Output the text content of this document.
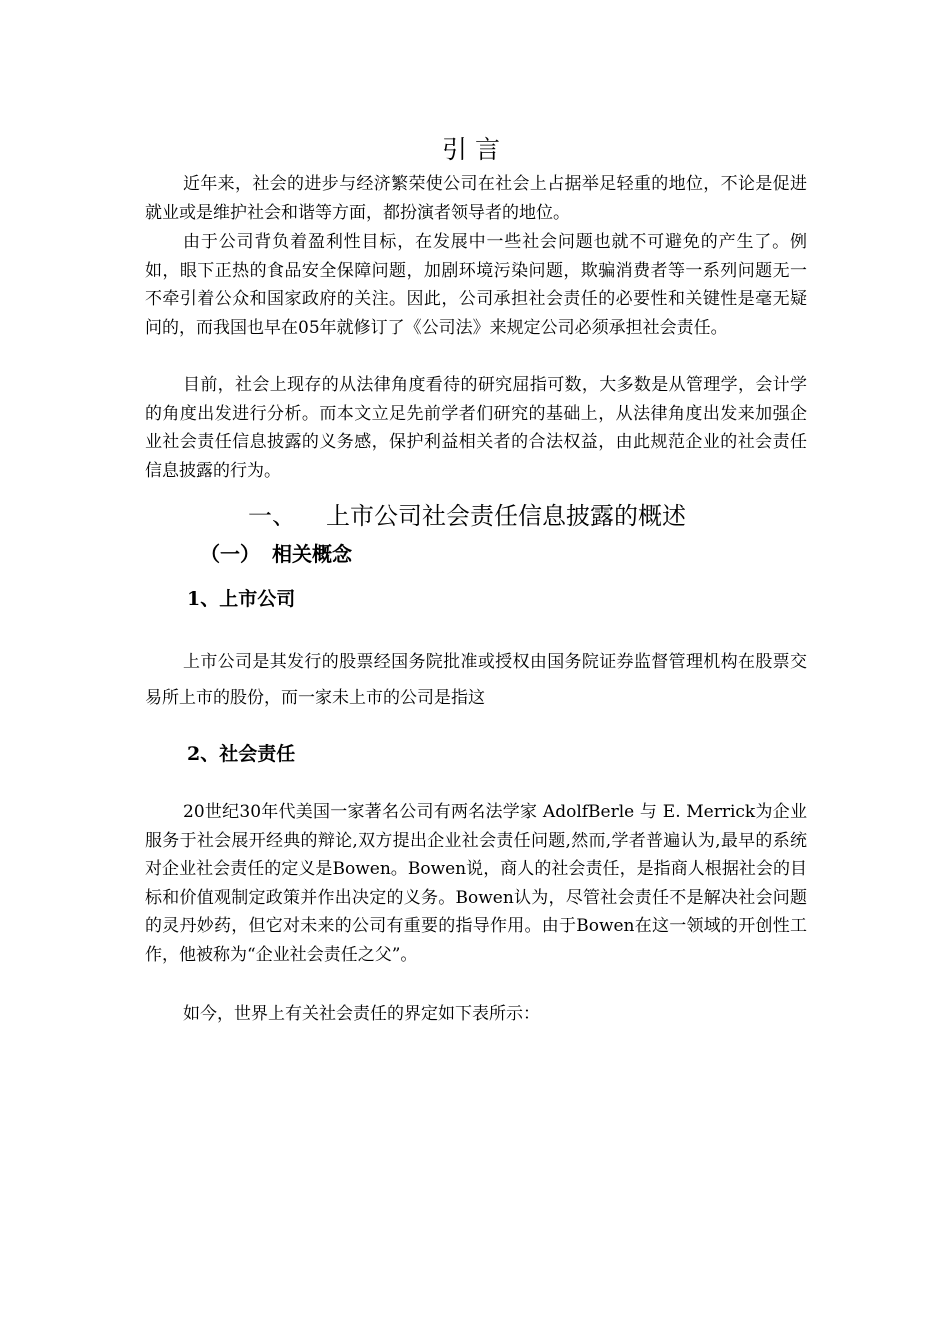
引言

近年来，社会的进步与经济繁荣使公司在社会上占据举足轻重的地位，不论是促进就业或是维护社会和谐等方面，都扮演者领导者的地位。

由于公司背负着盈利性目标，在发展中一些社会问题也就不可避免的产生了。例如，眼下正热的食品安全保障问题，加剧环境污染问题，欺骗消费者等一系列问题无一不牵引着公众和国家政府的关注。因此，公司承担社会责任的必要性和关键性是毫无疑问的，而我国也早在05年就修订了《公司法》来规定公司必须承担社会责任。

目前，社会上现存的从法律角度看待的研究屈指可数，大多数是从管理学，会计学的角度出发进行分析。而本文立足先前学者们研究的基础上，从法律角度出发来加强企业社会责任信息披露的义务感，保护利益相关者的合法权益，由此规范企业的社会责任信息披露的行为。

一、 上市公司社会责任信息披露的概述
（一） 相关概念
1、上市公司

上市公司是其发行的股票经国务院批准或授权由国务院证券监督管理机构在股票交易所上市的股份，而一家未上市的公司是指这

2、社会责任

20世纪30年代美国一家著名公司有两名法学家 AdolfBerle 与 E. Merrick为企业服务于社会展开经典的辩论,双方提出企业社会责任问题,然而,学者普遍认为,最早的系统对企业社会责任的定义是Bowen。Bowen说，商人的社会责任，是指商人根据社会的目标和价值观制定政策并作出决定的义务。Bowen认为，尽管社会责任不是解决社会问题的灵丹妙药，但它对未来的公司有重要的指导作用。由于Bowen在这一领域的开创性工作，他被称为“企业社会责任之父”。

如今，世界上有关社会责任的界定如下表所示：
